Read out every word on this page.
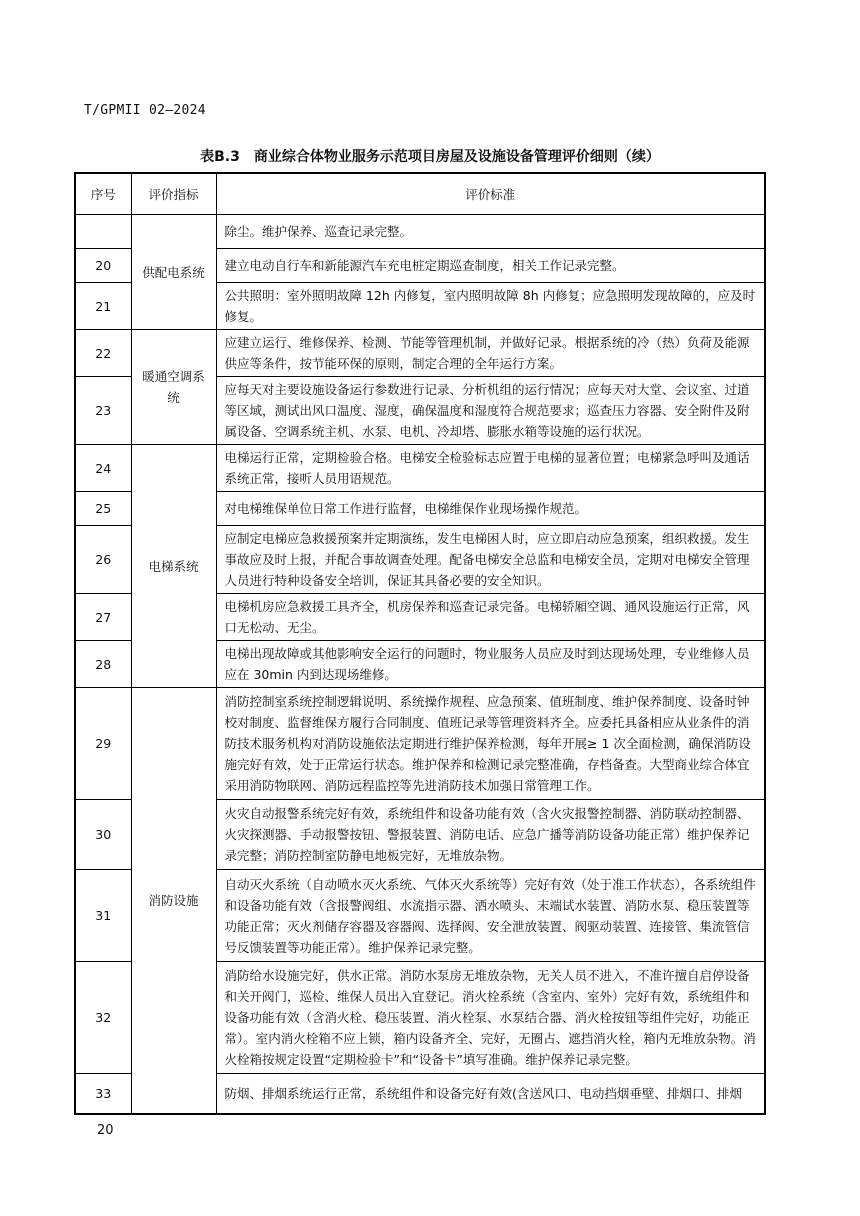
T/GPMII 02—2024
表B.3　商业综合体物业服务示范项目房屋及设施设备管理评价细则（续）
序号	评价指标	评价标准
	供配电系统	除尘。维护保养、巡查记录完整。
20		建立电动自行车和新能源汽车充电桩定期巡查制度，相关工作记录完整。
21		公共照明：室外照明故障 12h 内修复，室内照明故障 8h 内修复；应急照明发现故障的，应及时修复。
22	暖通空调系统	应建立运行、维修保养、检测、节能等管理机制，并做好记录。根据系统的冷（热）负荷及能源供应等条件，按节能环保的原则，制定合理的全年运行方案。
23		应每天对主要设施设备运行参数进行记录、分析机组的运行情况；应每天对大堂、会议室、过道等区域，测试出风口温度、湿度，确保温度和湿度符合规范要求；巡查压力容器、安全附件及附属设备、空调系统主机、水泵、电机、冷却塔、膨胀水箱等设施的运行状况。
24	电梯系统	电梯运行正常，定期检验合格。电梯安全检验标志应置于电梯的显著位置；电梯紧急呼叫及通话系统正常，接听人员用语规范。
25		对电梯维保单位日常工作进行监督，电梯维保作业现场操作规范。
26		应制定电梯应急救援预案并定期演练，发生电梯困人时，应立即启动应急预案，组织救援。发生事故应及时上报，并配合事故调查处理。配备电梯安全总监和电梯安全员，定期对电梯安全管理人员进行特种设备安全培训，保证其具备必要的安全知识。
27		电梯机房应急救援工具齐全，机房保养和巡查记录完备。电梯轿厢空调、通风设施运行正常，风口无松动、无尘。
28		电梯出现故障或其他影响安全运行的问题时，物业服务人员应及时到达现场处理，专业维修人员应在 30min 内到达现场维修。
29	消防设施	消防控制室系统控制逻辑说明、系统操作规程、应急预案、值班制度、维护保养制度、设备时钟校对制度、监督维保方履行合同制度、值班记录等管理资料齐全。应委托具备相应从业条件的消防技术服务机构对消防设施依法定期进行维护保养检测，每年开展≥ 1 次全面检测，确保消防设施完好有效，处于正常运行状态。维护保养和检测记录完整准确，存档备查。大型商业综合体宜采用消防物联网、消防远程监控等先进消防技术加强日常管理工作。
30		火灾自动报警系统完好有效，系统组件和设备功能有效（含火灾报警控制器、消防联动控制器、火灾探测器、手动报警按钮、警报装置、消防电话、应急广播等消防设备功能正常）维护保养记录完整；消防控制室防静电地板完好，无堆放杂物。
31		自动灭火系统（自动喷水灭火系统、气体灭火系统等）完好有效（处于准工作状态），各系统组件和设备功能有效（含报警阀组、水流指示器、洒水喷头、末端试水装置、消防水泵、稳压装置等功能正常；灭火剂储存容器及容器阀、选择阀、安全泄放装置、阀驱动装置、连接管、集流管信号反馈装置等功能正常）。维护保养记录完整。
32		消防给水设施完好，供水正常。消防水泵房无堆放杂物，无关人员不进入，不准许擅自启停设备和关开阀门，巡检、维保人员出入宜登记。消火栓系统（含室内、室外）完好有效，系统组件和设备功能有效（含消火栓、稳压装置、消火栓泵、水泵结合器、消火栓按钮等组件完好，功能正常）。室内消火栓箱不应上锁，箱内设备齐全、完好，无圈占、遮挡消火栓，箱内无堆放杂物。消火栓箱按规定设置“定期检验卡”和“设备卡”填写准确。维护保养记录完整。
33		防烟、排烟系统运行正常，系统组件和设备完好有效(含送风口、电动挡烟垂壁、排烟口、排烟
20
